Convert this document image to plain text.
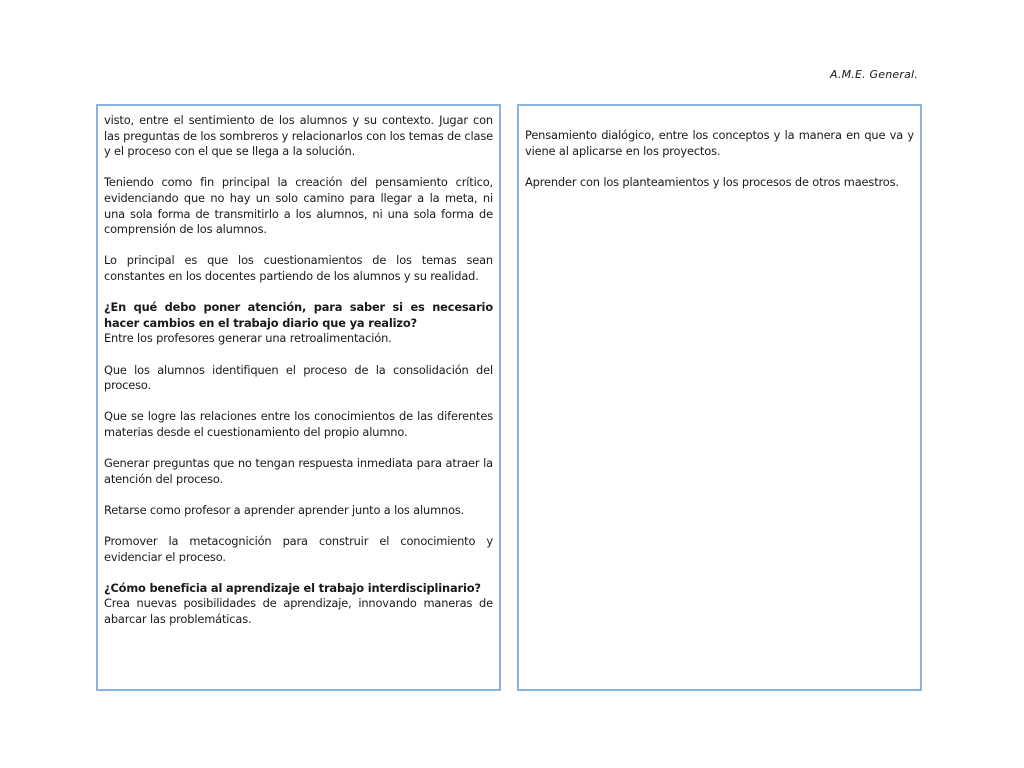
A.M.E. General.

visto, entre el sentimiento de los alumnos y su contexto. Jugar con las preguntas de los sombreros y relacionarlos con los temas de clase y el proceso con el que se llega a la solución.

Teniendo como fin principal la creación del pensamiento crítico, evidenciando que no hay un solo camino para llegar a la meta, ni una sola forma de transmitirlo a los alumnos, ni una sola forma de comprensión de los alumnos.

Lo principal es que los cuestionamientos de los temas sean constantes en los docentes partiendo de los alumnos y su realidad.

¿En qué debo poner atención, para saber si es necesario hacer cambios en el trabajo diario que ya realizo?

Entre los profesores generar una retroalimentación.

Que los alumnos identifiquen el proceso de la consolidación del proceso.

Que se logre las relaciones entre los conocimientos de las diferentes materias desde el cuestionamiento del propio alumno.

Generar preguntas que no tengan respuesta inmediata para atraer la atención del proceso.

Retarse como profesor a aprender aprender junto a los alumnos.

Promover la metacognición para construir el conocimiento y evidenciar el proceso.

¿Cómo beneficia al aprendizaje el trabajo interdisciplinario?

Crea nuevas posibilidades de aprendizaje, innovando maneras de abarcar las problemáticas.

Pensamiento dialógico, entre los conceptos y la manera en que va y viene al aplicarse en los proyectos.

Aprender con los planteamientos y los procesos de otros maestros.
